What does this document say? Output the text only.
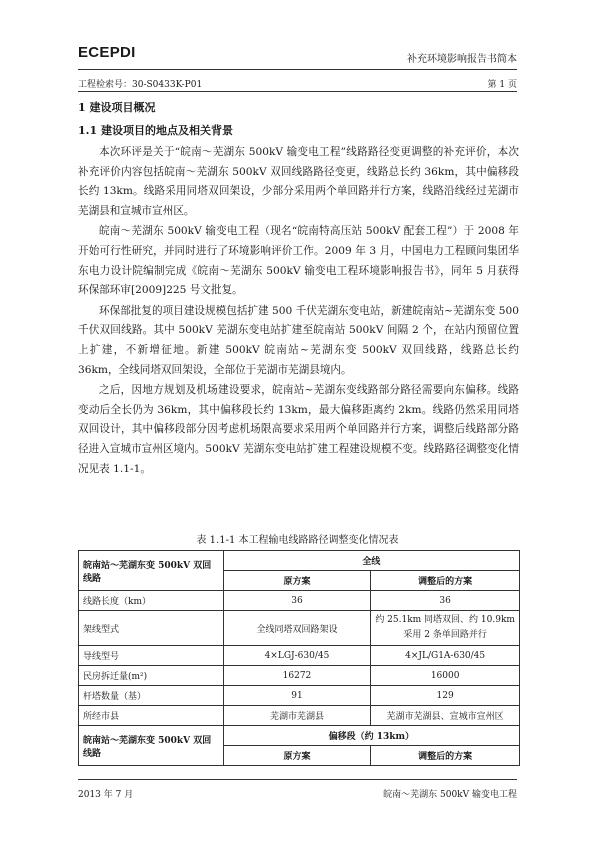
ECEPDI	补充环境影响报告书简本
工程检索号：30-S0433K-P01	第 1 页
1 建设项目概况
1.1 建设项目的地点及相关背景

本次环评是关于“皖南～芜湖东 500kV 输变电工程”线路路径变更调整的补充评价，本次补充评价内容包括皖南～芜湖东 500kV 双回线路路径变更，线路总长约 36km，其中偏移段长约 13km。线路采用同塔双回架设，少部分采用两个单回路并行方案，线路沿线经过芜湖市芜湖县和宣城市宣州区。

皖南～芜湖东 500kV 输变电工程（现名“皖南特高压站 500kV 配套工程”）于 2008 年开始可行性研究，并同时进行了环境影响评价工作。2009 年 3 月，中国电力工程顾问集团华东电力设计院编制完成《皖南～芜湖东 500kV 输变电工程环境影响报告书》，同年 5 月获得环保部环审[2009]225 号文批复。

环保部批复的项目建设规模包括扩建 500 千伏芜湖东变电站，新建皖南站~芜湖东变 500 千伏双回线路。其中 500kV 芜湖东变电站扩建至皖南站 500kV 间隔 2 个，在站内预留位置上扩建，不新增征地。新建 500kV 皖南站~芜湖东变 500kV 双回线路，线路总长约 36km，全线同塔双回架设，全部位于芜湖市芜湖县境内。

之后，因地方规划及机场建设要求，皖南站~芜湖东变线路部分路径需要向东偏移。线路变动后全长仍为 36km，其中偏移段长约 13km，最大偏移距离约 2km。线路仍然采用同塔双回设计，其中偏移段部分因考虑机场限高要求采用两个单回路并行方案，调整后线路部分路径进入宣城市宣州区境内。500kV 芜湖东变电站扩建工程建设规模不变。线路路径调整变化情况见表 1.1-1。

表 1.1-1 本工程输电线路路径调整变化情况表
皖南站～芜湖东变 500kV 双回线路	全线	
	原方案	调整后的方案
线路长度（km）	36	36
架线型式	全线同塔双回路架设	约 25.1km 同塔双回、约 10.9km 采用 2 条单回路并行
导线型号	4×LGJ-630/45	4×JL/G1A-630/45
民房拆迁量(m²)	16272	16000
杆塔数量（基）	91	129
所经市县	芜湖市芜湖县	芜湖市芜湖县、宣城市宣州区
皖南站～芜湖东变 500kV 双回线路	偏移段（约 13km）	
	原方案	调整后的方案
2013 年 7 月	皖南～芜湖东 500kV 输变电工程
